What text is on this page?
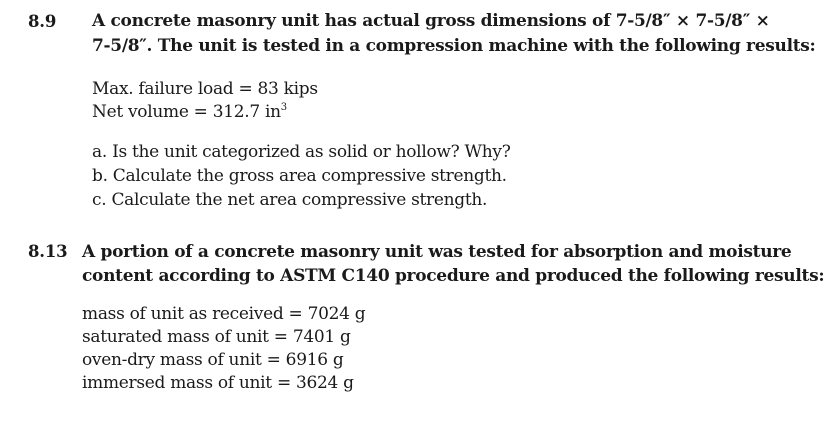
8.9 A concrete masonry unit has actual gross dimensions of 7-5/8″ × 7-5/8″ ×
7-5/8″. The unit is tested in a compression machine with the following results:
Max. failure load = 83 kips
Net volume = 312.7 $in^3$
a. Is the unit categorized as solid or hollow? Why?
b. Calculate the gross area compressive strength.
c. Calculate the net area compressive strength.
8.13 A portion of a concrete masonry unit was tested for absorption and moisture
content according to ASTM C140 procedure and produced the following results:
mass of unit as received = 7024 g
saturated mass of unit = 7401 g
oven-dry mass of unit = 6916 g
immersed mass of unit = 3624 g
